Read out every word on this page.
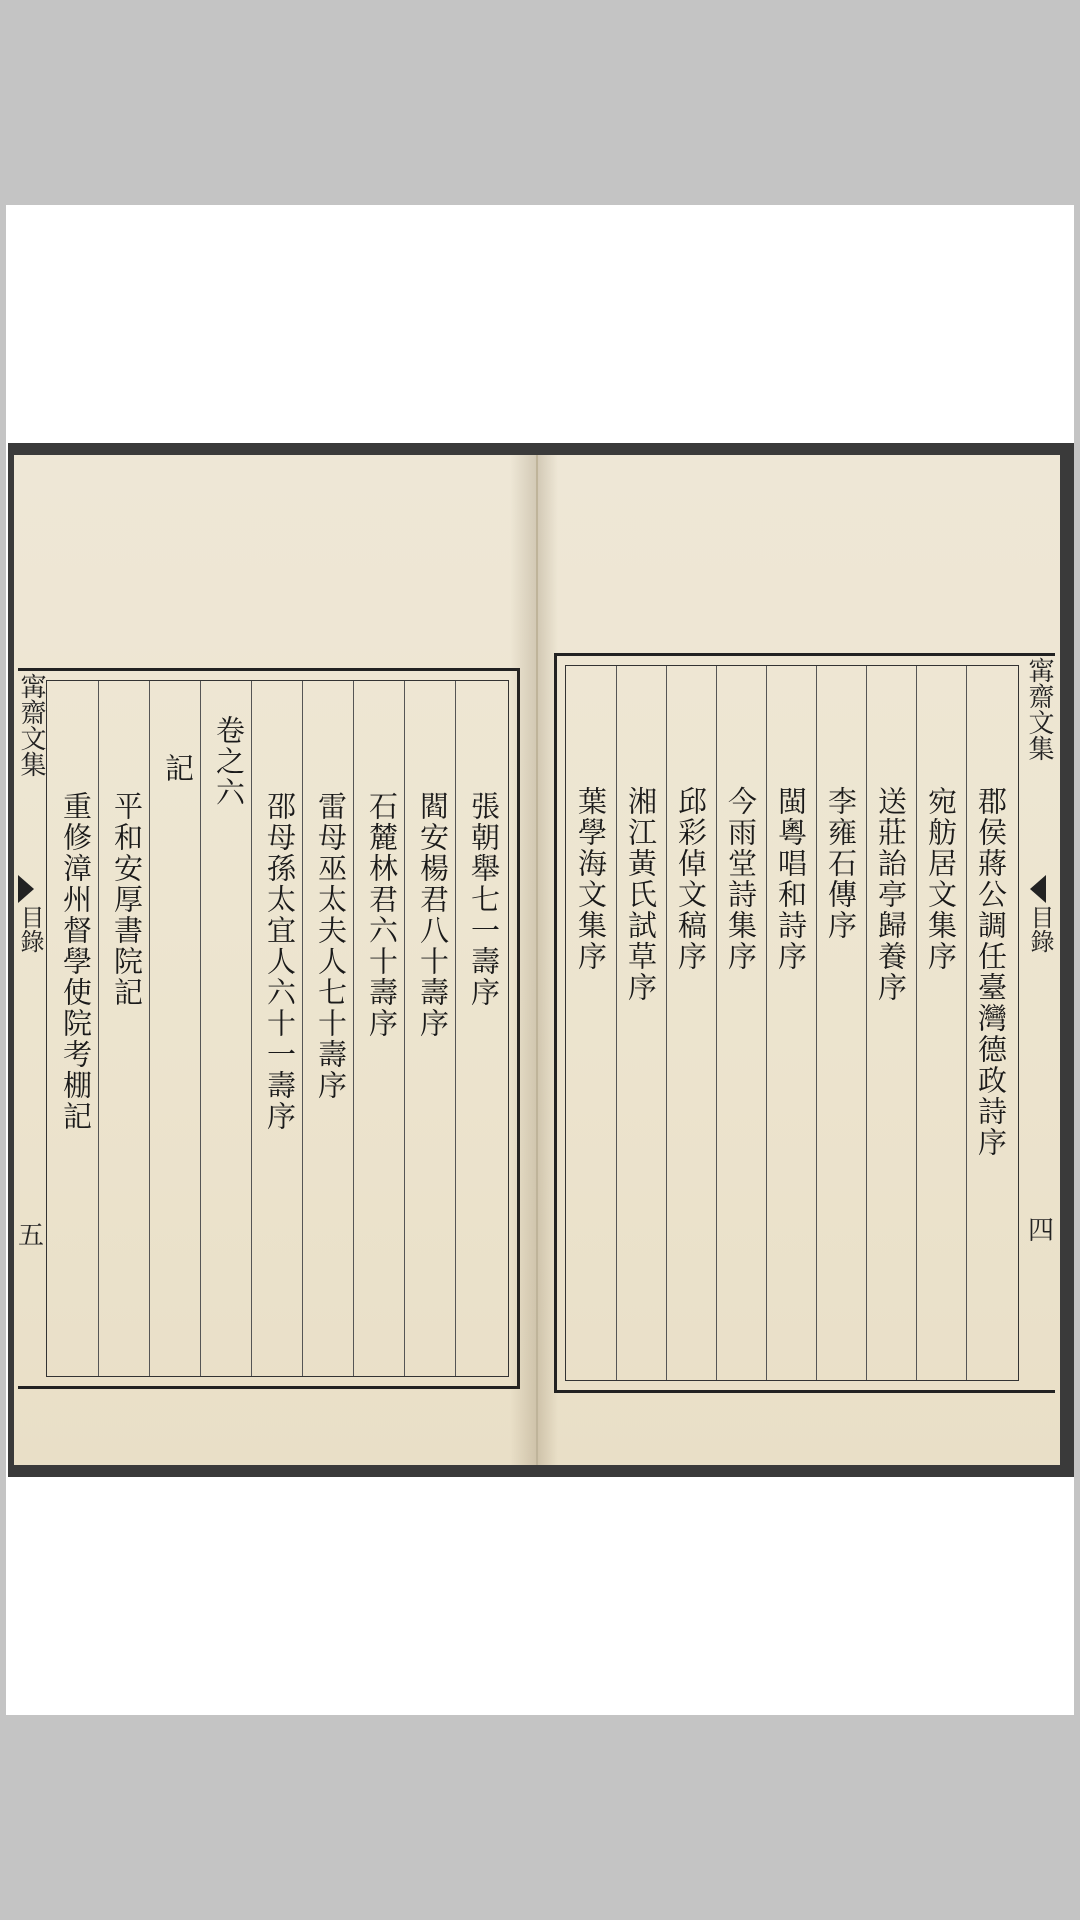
𡩋齋文集
目錄
五
張朝舉七一壽序
閻安楊君八十壽序
石麓林君六十壽序
雷母巫太夫人七十壽序
邵母孫太宜人六十一壽序
卷之六
記
平和安厚書院記
重修漳州督學使院考棚記	郡侯蔣公調任臺灣德政詩序
宛舫居文集序
送莊詒亭歸養序
李雍石傳序
閩粵唱和詩序
今雨堂詩集序
邱彩倬文稿序
湘江黃氏試草序
葉學海文集序
𡩋齋文集
目錄
四
